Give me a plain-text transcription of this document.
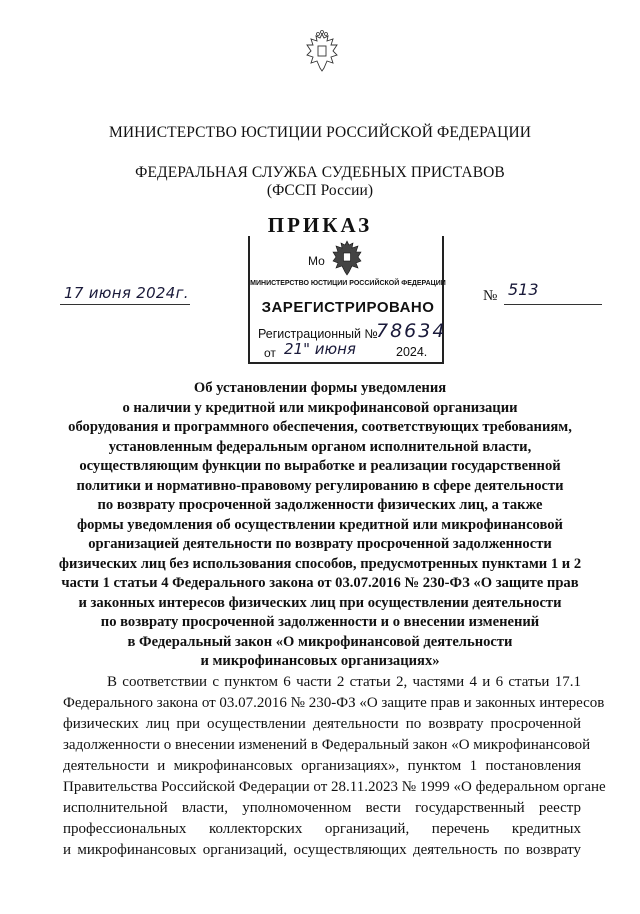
МИНИСТЕРСТВО ЮСТИЦИИ РОССИЙСКОЙ ФЕДЕРАЦИИ
ФЕДЕРАЛЬНАЯ СЛУЖБА СУДЕБНЫХ ПРИСТАВОВ
(ФССП России)
ПРИКАЗ
17 июня 2024г.
Мо
МИНИСТЕРСТВО ЮСТИЦИИ РОССИЙСКОЙ ФЕДЕРАЦИИ
ЗАРЕГИСТРИРОВАНО
Регистрационный №
78634
от 21" июня	2024.
№ 513
Об установлении формы уведомления
о наличии у кредитной или микрофинансовой организации
оборудования и программного обеспечения, соответствующих требованиям,
установленным федеральным органом исполнительной власти,
осуществляющим функции по выработке и реализации государственной
политики и нормативно-правовому регулированию в сфере деятельности
по возврату просроченной задолженности физических лиц, а также
формы уведомления об осуществлении кредитной или микрофинансовой
организацией деятельности по возврату просроченной задолженности
физических лиц без использования способов, предусмотренных пунктами 1 и 2
части 1 статьи 4 Федерального закона от 03.07.2016 № 230-ФЗ «О защите прав
и законных интересов физических лиц при осуществлении деятельности
по возврату просроченной задолженности и о внесении изменений
в Федеральный закон «О микрофинансовой деятельности
и микрофинансовых организациях»
В соответствии с пунктом 6 части 2 статьи 2, частями 4 и 6 статьи 17.1
Федерального закона от 03.07.2016 № 230-ФЗ «О защите прав и законных интересов
физических лиц при осуществлении деятельности по возврату просроченной
задолженности о внесении изменений в Федеральный закон «О микрофинансовой
деятельности и микрофинансовых организациях», пунктом 1 постановления
Правительства Российской Федерации от 28.11.2023 № 1999 «О федеральном органе
исполнительной власти, уполномоченном вести государственный реестр
профессиональных коллекторских организаций, перечень кредитных
и микрофинансовых организаций, осуществляющих деятельность по возврату
